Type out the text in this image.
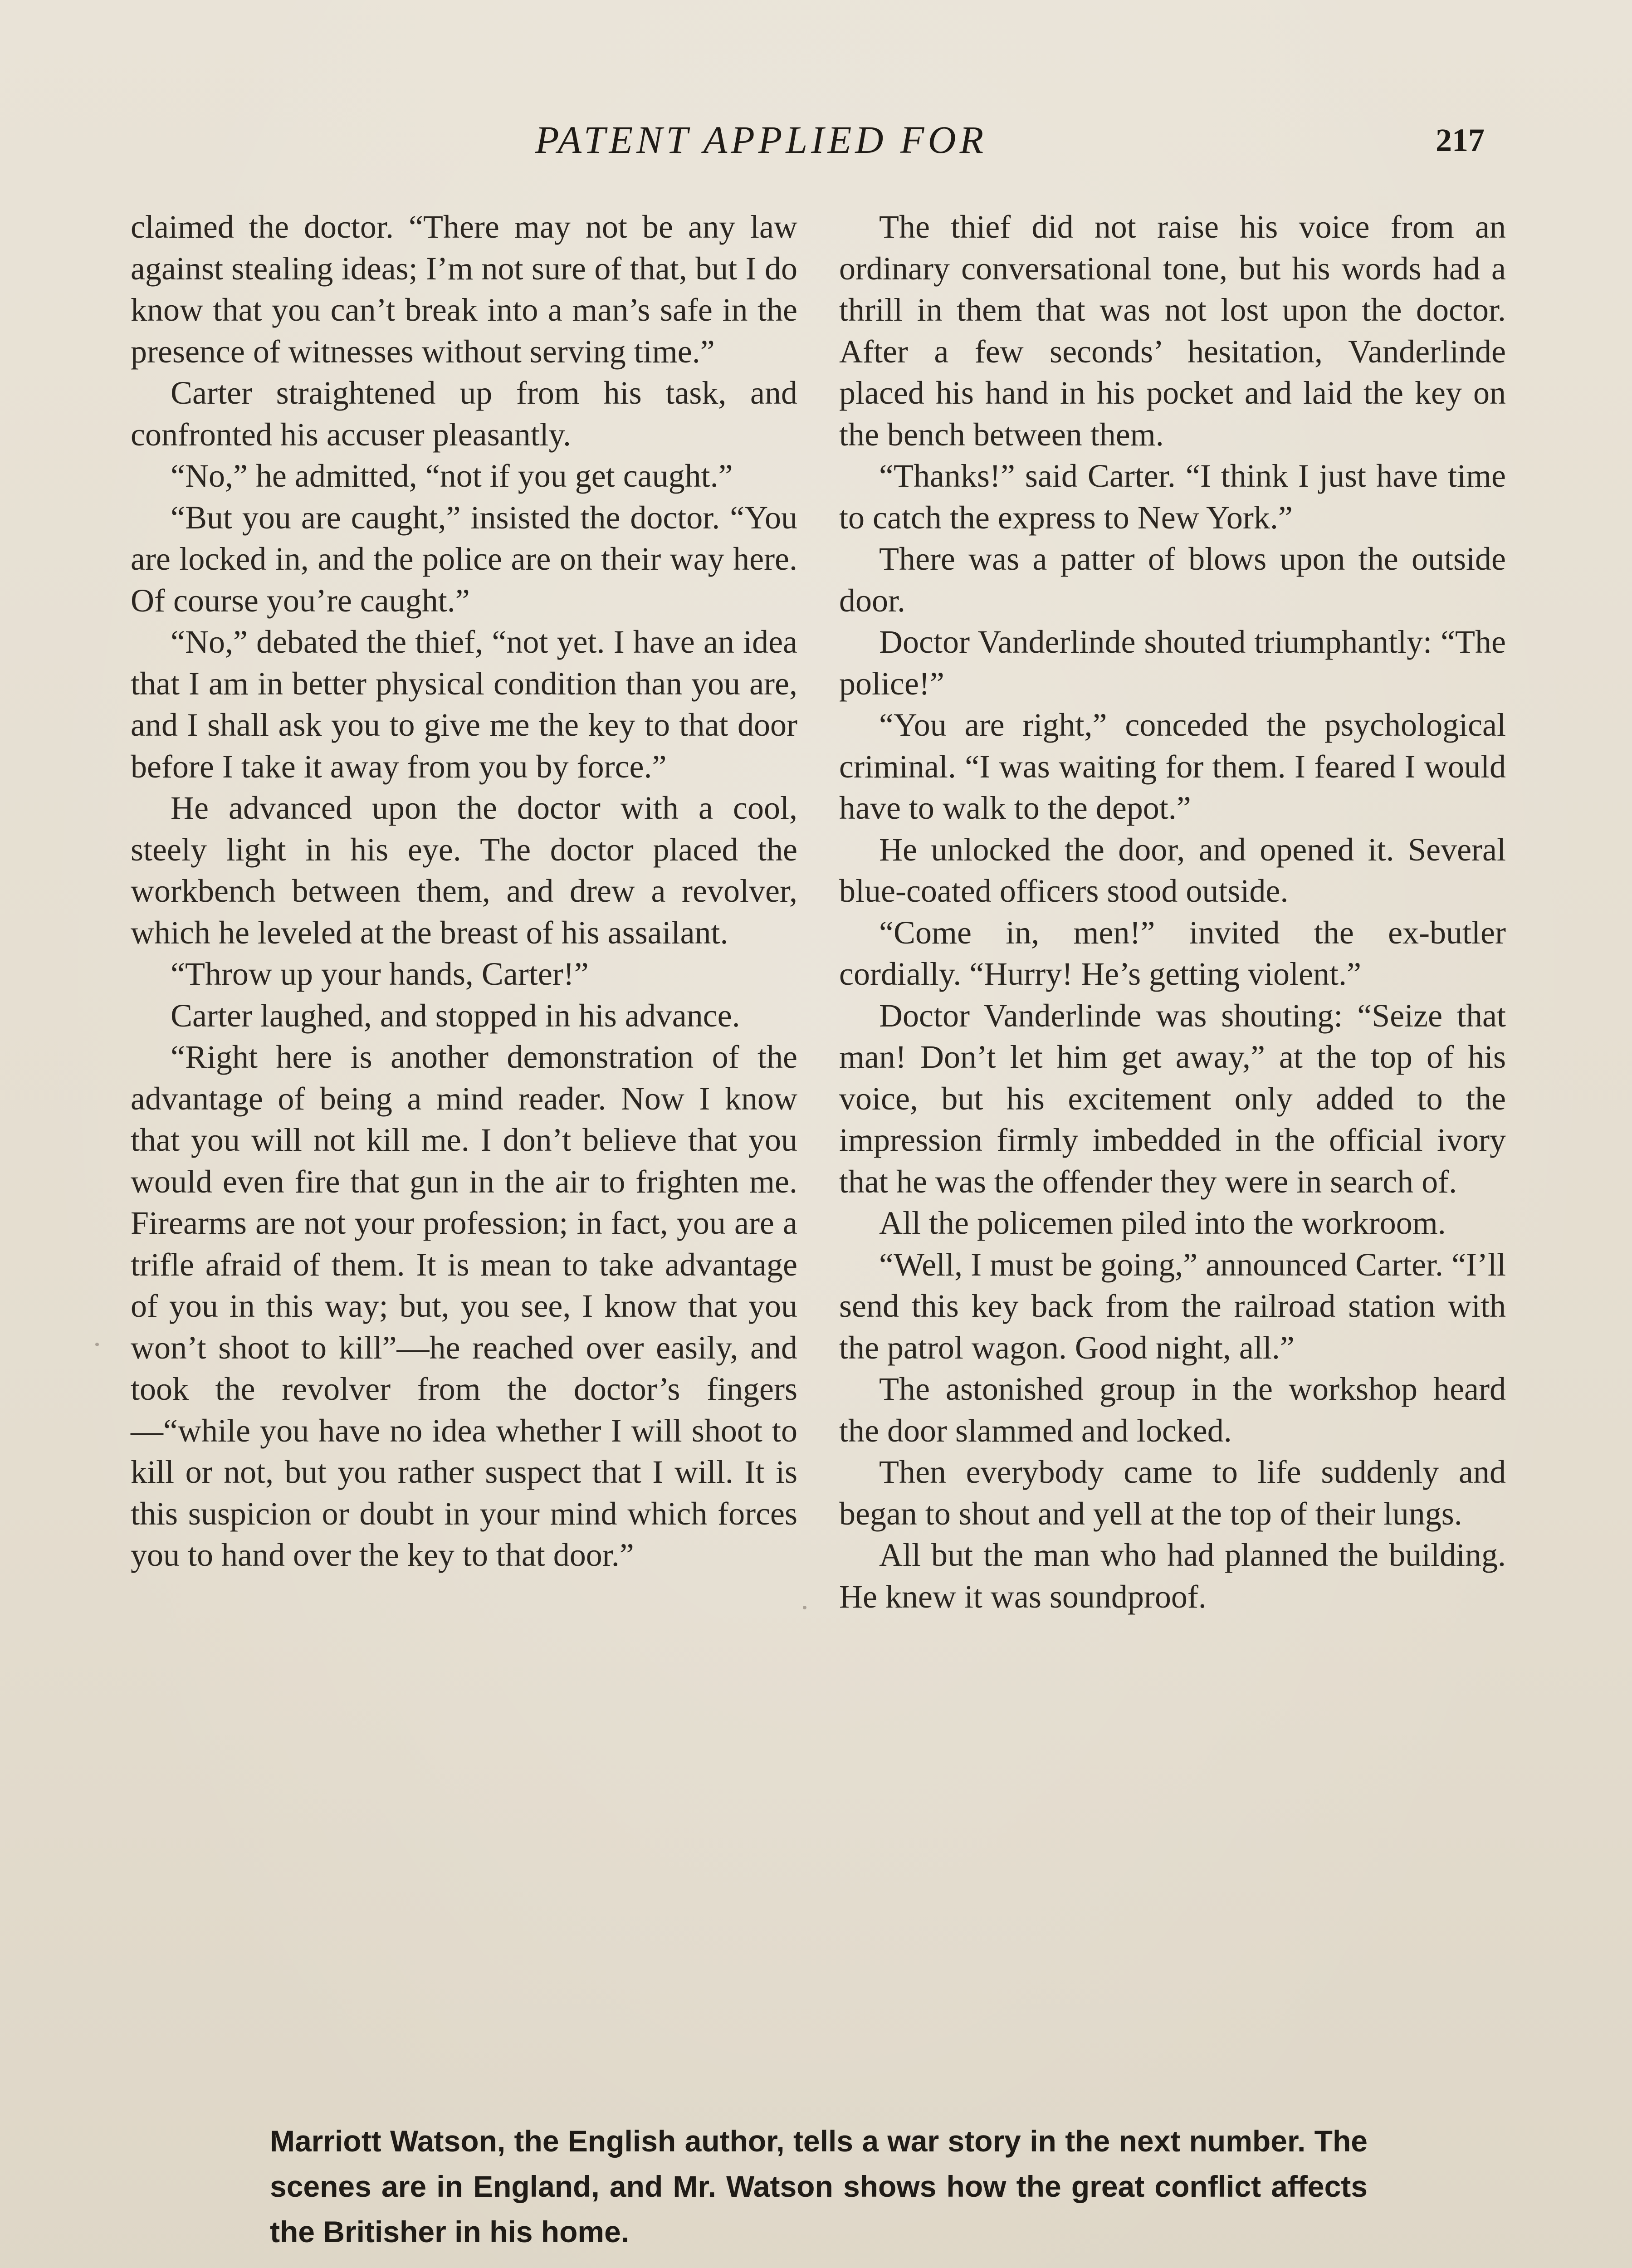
PATENT APPLIED FOR	217

claimed the doctor. “There may not be any law against stealing ideas; I’m not sure of that, but I do know that you can’t break into a man’s safe in the presence of witnesses without serving time.”

Carter straightened up from his task, and confronted his accuser pleasantly.

“No,” he admitted, “not if you get caught.”

“But you are caught,” insisted the doctor. “You are locked in, and the police are on their way here. Of course you’re caught.”

“No,” debated the thief, “not yet. I have an idea that I am in better physical condition than you are, and I shall ask you to give me the key to that door before I take it away from you by force.”

He advanced upon the doctor with a cool, steely light in his eye. The doctor placed the workbench between them, and drew a revolver, which he leveled at the breast of his assailant.

“Throw up your hands, Carter!”

Carter laughed, and stopped in his advance.

“Right here is another demonstration of the advantage of being a mind reader. Now I know that you will not kill me. I don’t believe that you would even fire that gun in the air to frighten me. Firearms are not your profession; in fact, you are a trifle afraid of them. It is mean to take advantage of you in this way; but, you see, I know that you won’t shoot to kill”—he reached over easily, and took the revolver from the doctor’s fingers—“while you have no idea whether I will shoot to kill or not, but you rather suspect that I will. It is this suspicion or doubt in your mind which forces you to hand over the key to that door.”

The thief did not raise his voice from an ordinary conversational tone, but his words had a thrill in them that was not lost upon the doctor. After a few seconds’ hesitation, Vanderlinde placed his hand in his pocket and laid the key on the bench between them.

“Thanks!” said Carter. “I think I just have time to catch the express to New York.”

There was a patter of blows upon the outside door.

Doctor Vanderlinde shouted triumphantly: “The police!”

“You are right,” conceded the psychological criminal. “I was waiting for them. I feared I would have to walk to the depot.”

He unlocked the door, and opened it. Several blue-coated officers stood outside.

“Come in, men!” invited the ex-butler cordially. “Hurry! He’s getting violent.”

Doctor Vanderlinde was shouting: “Seize that man! Don’t let him get away,” at the top of his voice, but his excitement only added to the impression firmly imbedded in the official ivory that he was the offender they were in search of.

All the policemen piled into the workroom.

“Well, I must be going,” announced Carter. “I’ll send this key back from the railroad station with the patrol wagon. Good night, all.”

The astonished group in the workshop heard the door slammed and locked.

Then everybody came to life suddenly and began to shout and yell at the top of their lungs.

All but the man who had planned the building. He knew it was soundproof.

Marriott Watson, the English author, tells a war story in the next number. The scenes are in England, and Mr. Watson shows how the great conflict affects the Britisher in his home.
